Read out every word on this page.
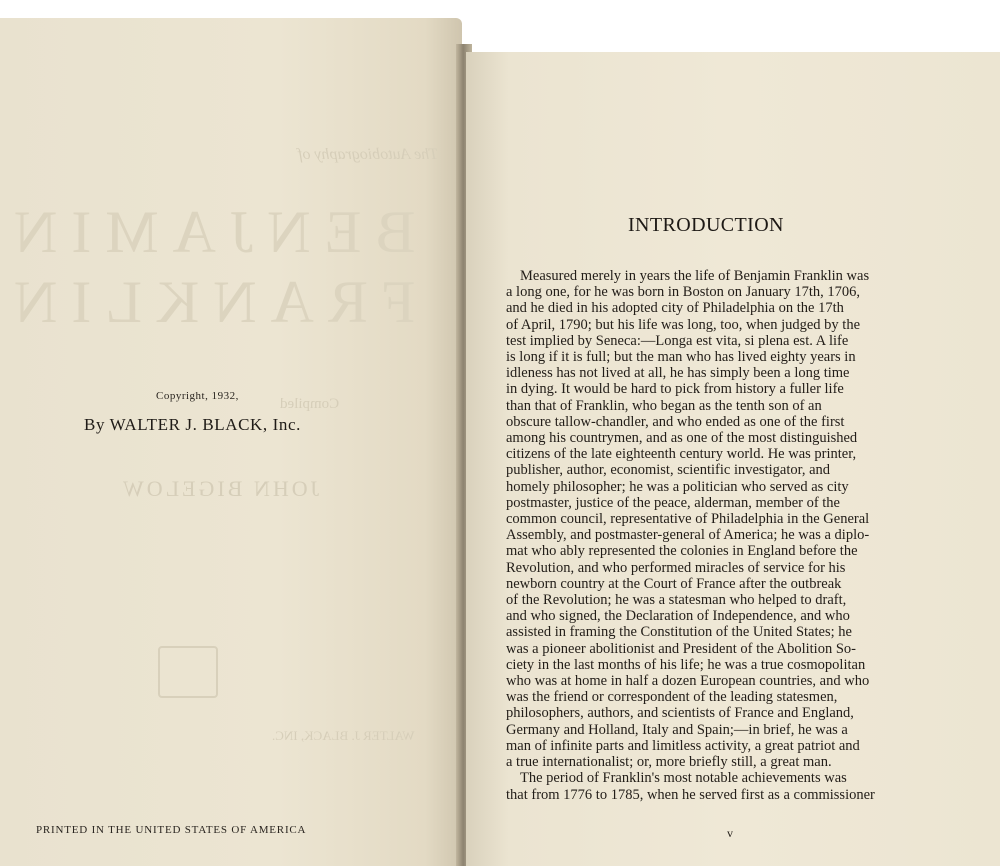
The Autobiography of
BENJAMIN
FRANKLIN
Compiled
JOHN BIGELOW
WALTER J. BLACK, INC.
Copyright, 1932,
By WALTER J. BLACK, Inc.
PRINTED IN THE UNITED STATES OF AMERICA
INTRODUCTION
Measured merely in years the life of Benjamin Franklin was
a long one, for he was born in Boston on January 17th, 1706,
and he died in his adopted city of Philadelphia on the 17th
of April, 1790; but his life was long, too, when judged by the
test implied by Seneca:—Longa est vita, si plena est. A life
is long if it is full; but the man who has lived eighty years in
idleness has not lived at all, he has simply been a long time
in dying. It would be hard to pick from history a fuller life
than that of Franklin, who began as the tenth son of an
obscure tallow-chandler, and who ended as one of the first
among his countrymen, and as one of the most distinguished
citizens of the late eighteenth century world. He was printer,
publisher, author, economist, scientific investigator, and
homely philosopher; he was a politician who served as city
postmaster, justice of the peace, alderman, member of the
common council, representative of Philadelphia in the General
Assembly, and postmaster-general of America; he was a diplo-
mat who ably represented the colonies in England before the
Revolution, and who performed miracles of service for his
newborn country at the Court of France after the outbreak
of the Revolution; he was a statesman who helped to draft,
and who signed, the Declaration of Independence, and who
assisted in framing the Constitution of the United States; he
was a pioneer abolitionist and President of the Abolition So-
ciety in the last months of his life; he was a true cosmopolitan
who was at home in half a dozen European countries, and who
was the friend or correspondent of the leading statesmen,
philosophers, authors, and scientists of France and England,
Germany and Holland, Italy and Spain;—in brief, he was a
man of infinite parts and limitless activity, a great patriot and
a true internationalist; or, more briefly still, a great man.
The period of Franklin's most notable achievements was
that from 1776 to 1785, when he served first as a commissioner
v
